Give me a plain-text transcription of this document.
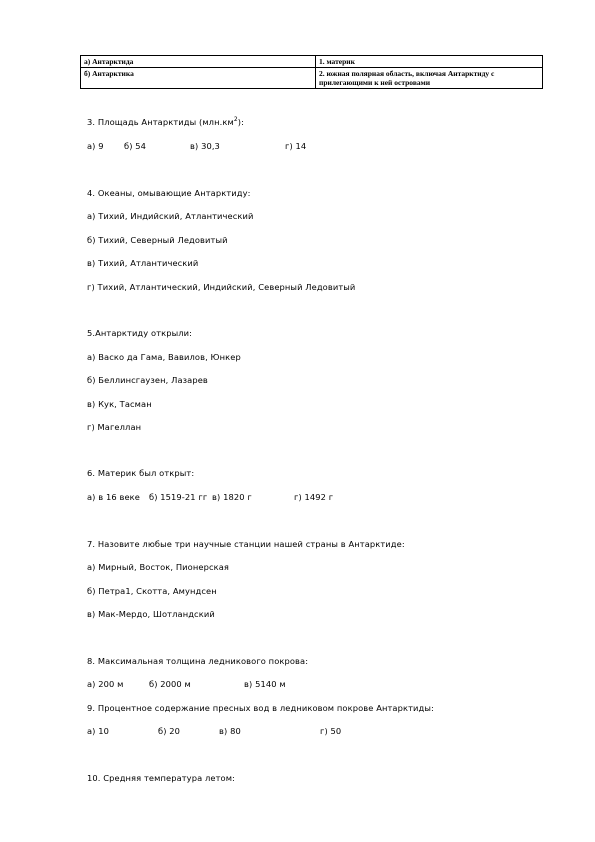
а) Антарктида	1. материк
б) Антарктика	2. южная полярная область, включая Антарктиду с прилегающими к ней островами
3. Площадь Антарктиды $(млн.км^2)$:
а) 9 б) 54	в) 30,3	г) 14
4. Океаны, омывающие Антарктиду:
а) Тихий, Индийский, Атлантический
б) Тихий, Северный Ледовитый
в) Тихий, Атлантический
г) Тихий, Атлантический, Индийский, Северный Ледовитый
5.Антарктиду открыли:
а) Васко да Гама, Вавилов, Юнкер
б) Беллинсгаузен, Лазарев
в) Кук, Тасман
г) Магеллан
6. Материк был открыт:
а) в 16 веке б) 1519-21 гг в) 1820 г	г) 1492 г
7. Назовите любые три научные станции нашей страны в Антарктиде:
а) Мирный, Восток, Пионерская
б) Петра1, Скотта, Амундсен
в) Мак-Мердо, Шотландский
8. Максимальная толщина ледникового покрова:
а) 200 м	б) 2000 м	в) 5140 м
9. Процентное содержание пресных вод в ледниковом покрове Антарктиды:
а) 10	б) 20	в) 80	г) 50
10. Средняя температура летом:
